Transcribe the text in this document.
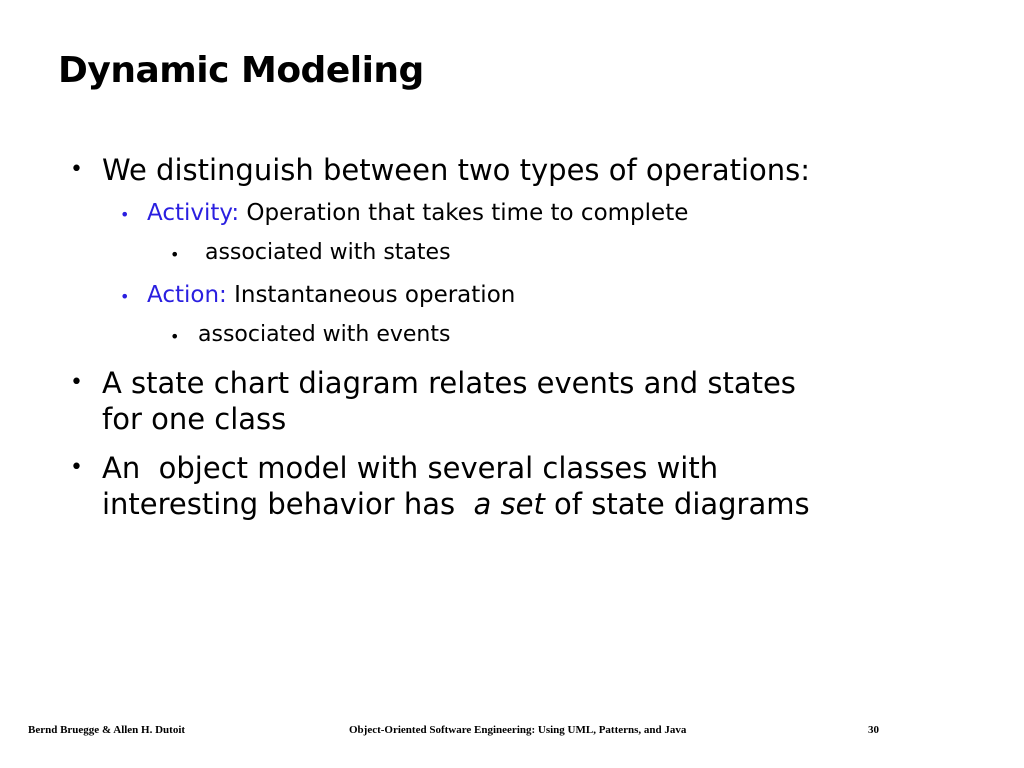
Dynamic Modeling
• We distinguish between two types of operations:
• Activity: Operation that takes time to complete
• associated with states
• Action: Instantaneous operation
• associated with events
• A state chart diagram relates events and states
for one class
• An  object model with several classes with
interesting behavior has  a set of state diagrams
Bernd Bruegge & Allen H. Dutoit	Object-Oriented Software Engineering: Using UML, Patterns, and Java	30
